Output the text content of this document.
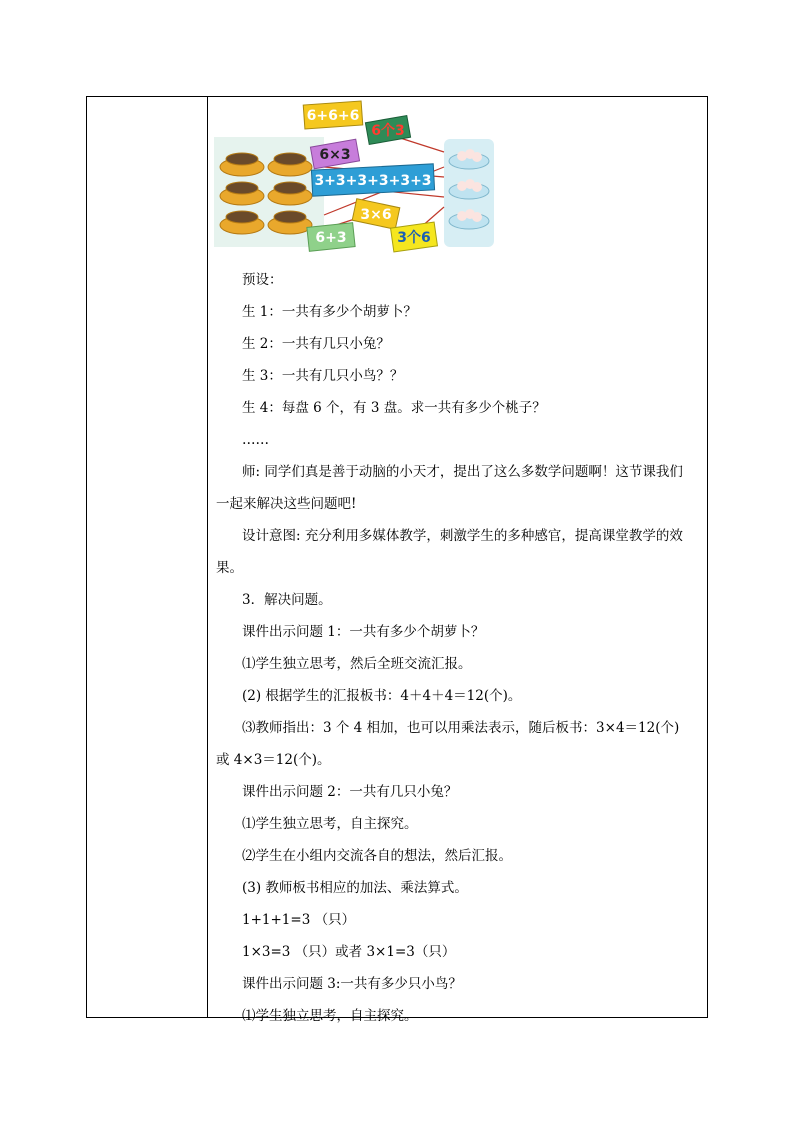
6+6+6
6个3
6×3
3+3+3+3+3+3
3×6
6+3	3个6
预设：
生 1：一共有多少个胡萝卜？
生 2：一共有几只小兔？
生 3：一共有几只小鸟？？
生 4：每盘 6 个，有 3 盘。求一共有多少个桃子？
……
师: 同学们真是善于动脑的小天才，提出了这么多数学问题啊！这节课我们
一起来解决这些问题吧!
设计意图: 充分利用多媒体教学，刺激学生的多种感官，提高课堂教学的效
果。
3．解决问题。
课件出示问题 1：一共有多少个胡萝卜？
⑴学生独立思考，然后全班交流汇报。
(2) 根据学生的汇报板书：4＋4＋4＝12(个)。
⑶教师指出：3 个 4 相加，也可以用乘法表示，随后板书：3×4＝12(个)
或 4×3＝12(个)。
课件出示问题 2：一共有几只小兔？
⑴学生独立思考，自主探究。
⑵学生在小组内交流各自的想法，然后汇报。
(3) 教师板书相应的加法、乘法算式。
1+1+1=3 （只）
1×3=3 （只）或者 3×1=3（只）
课件出示问题 3:一共有多少只小鸟？
⑴学生独立思考，自主探究。
